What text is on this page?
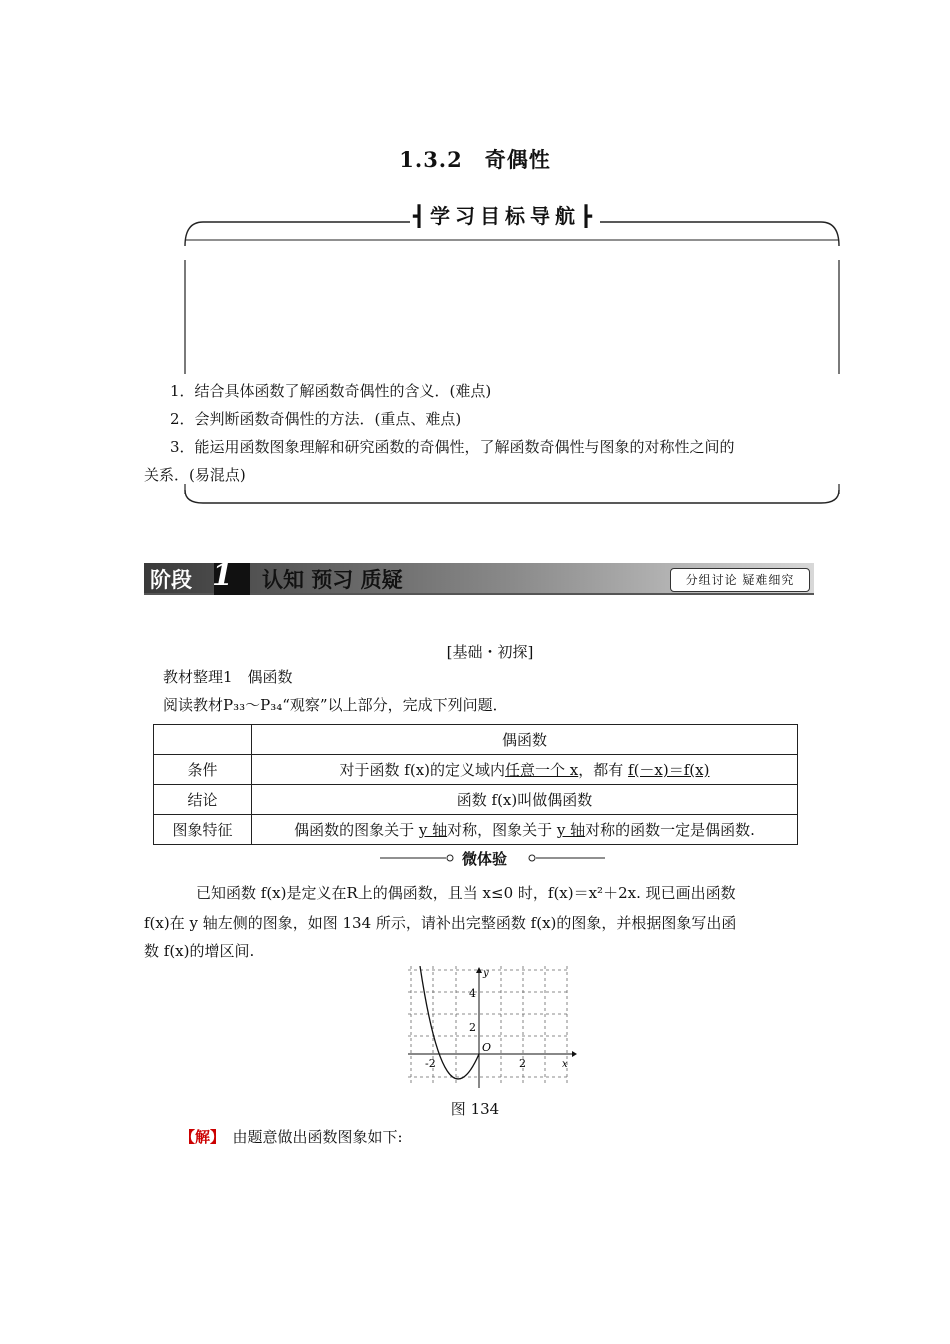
1.3.2　奇偶性
┫学习目标导航┣
1．结合具体函数了解函数奇偶性的含义．(难点)
2．会判断函数奇偶性的方法．(重点、难点)
3．能运用函数图象理解和研究函数的奇偶性，了解函数奇偶性与图象的对称性之间的
关系．(易混点)
阶段 1 认知 预习 质疑	分组讨论 疑难细究
[基础・初探]
教材整理1　偶函数
阅读教材P₃₃～P₃₄“观察”以上部分，完成下列问题．
	偶函数
条件	对于函数 f(x)的定义域内任意一个 x，都有 f(－x)＝f(x)
结论	函数 f(x)叫做偶函数
图象特征	偶函数的图象关于 y 轴对称，图象关于 y 轴对称的函数一定是偶函数.
微体验
已知函数 f(x)是定义在R上的偶函数，且当 x≤0 时，f(x)＝x²＋2x. 现已画出函数
f(x)在 y 轴左侧的图象，如图 134 所示，请补出完整函数 f(x)的图象，并根据图象写出函
数 f(x)的增区间.
y
x
O
4
2
-2	2
图 134
【解】　 由题意做出函数图象如下:
